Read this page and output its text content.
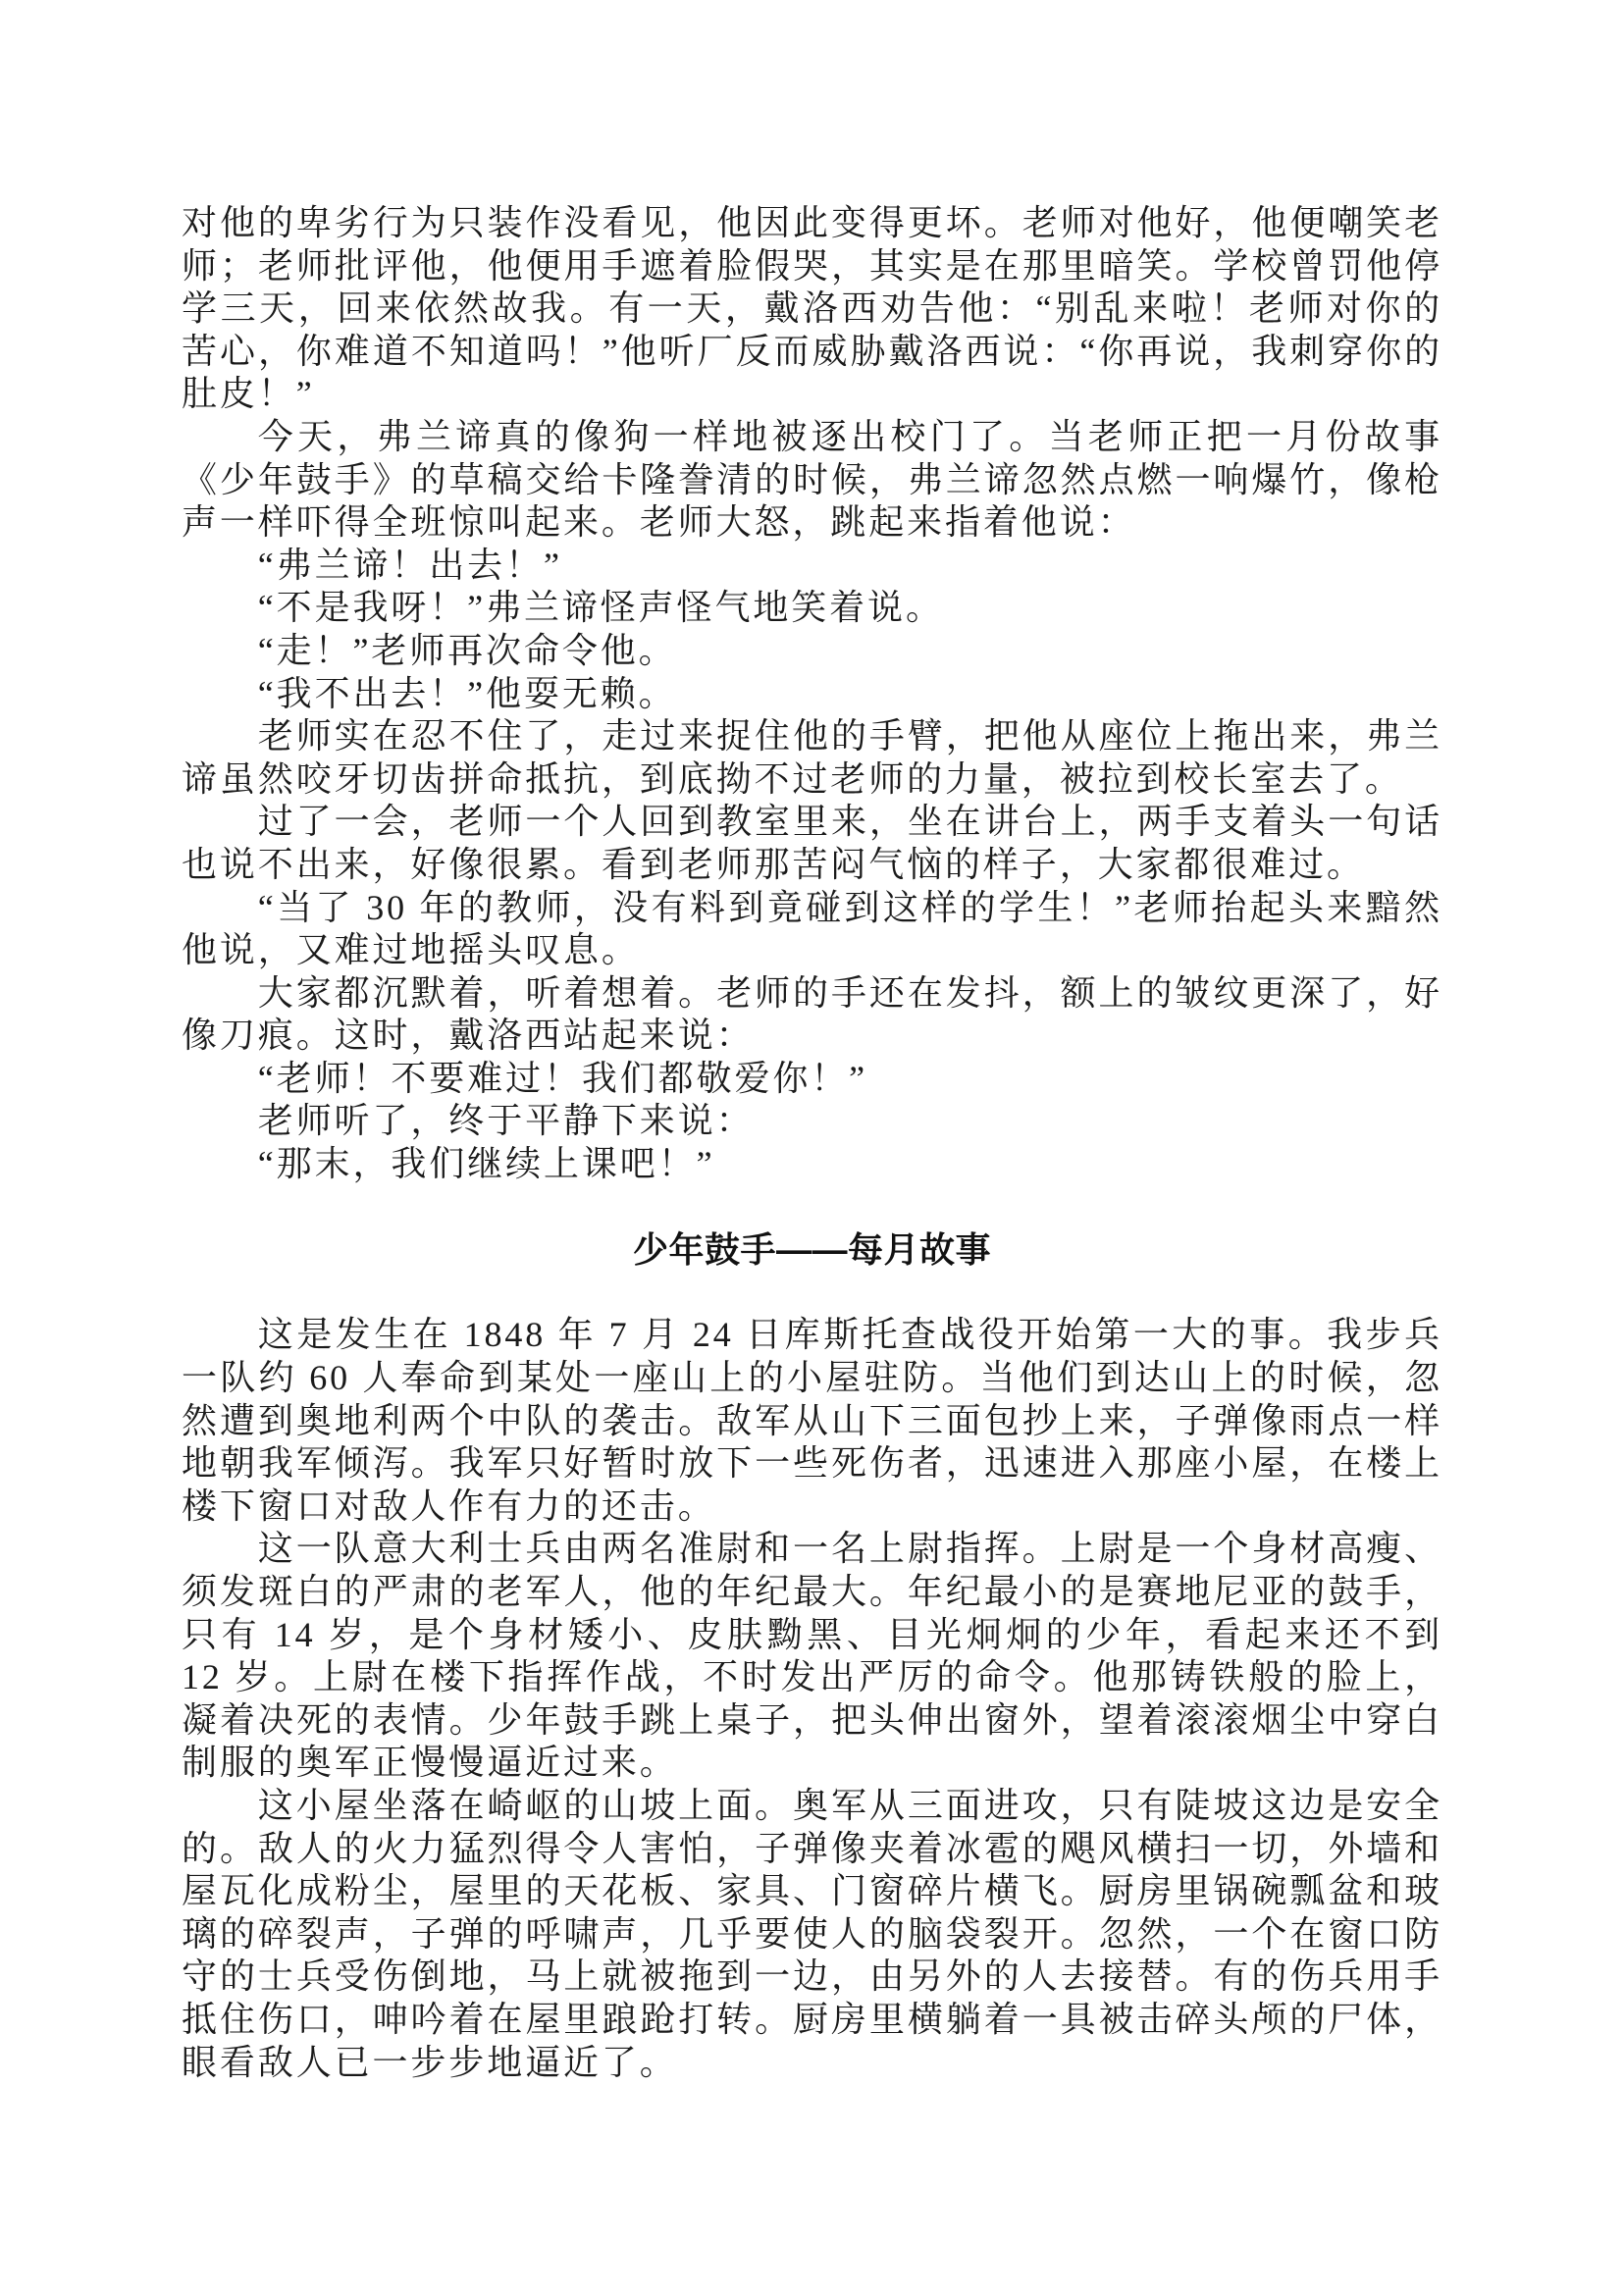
对他的卑劣行为只装作没看见，他因此变得更坏。老师对他好，他便嘲笑老师；老师批评他，他便用手遮着脸假哭，其实是在那里暗笑。学校曾罚他停学三天，回来依然故我。有一天，戴洛西劝告他：“别乱来啦！老师对你的苦心，你难道不知道吗！”他听厂反而威胁戴洛西说：“你再说，我刺穿你的肚皮！”

今天，弗兰谛真的像狗一样地被逐出校门了。当老师正把一月份故事《少年鼓手》的草稿交给卡隆誊清的时候，弗兰谛忽然点燃一响爆竹，像枪声一样吓得全班惊叫起来。老师大怒，跳起来指着他说：

“弗兰谛！出去！”

“不是我呀！”弗兰谛怪声怪气地笑着说。

“走！”老师再次命令他。

“我不出去！”他耍无赖。

老师实在忍不住了，走过来捉住他的手臂，把他从座位上拖出来，弗兰谛虽然咬牙切齿拼命抵抗，到底拗不过老师的力量，被拉到校长室去了。

过了一会，老师一个人回到教室里来，坐在讲台上，两手支着头一句话也说不出来，好像很累。看到老师那苦闷气恼的样子，大家都很难过。

“当了 30 年的教师，没有料到竟碰到这样的学生！”老师抬起头来黯然他说，又难过地摇头叹息。

大家都沉默着，听着想着。老师的手还在发抖，额上的皱纹更深了，好像刀痕。这时，戴洛西站起来说：

“老师！不要难过！我们都敬爱你！”

老师听了，终于平静下来说：

“那末，我们继续上课吧！”

少年鼓手——每月故事

这是发生在 1848 年 7 月 24 日库斯托查战役开始第一大的事。我步兵一队约 60 人奉命到某处一座山上的小屋驻防。当他们到达山上的时候，忽然遭到奥地利两个中队的袭击。敌军从山下三面包抄上来，子弹像雨点一样地朝我军倾泻。我军只好暂时放下一些死伤者，迅速进入那座小屋，在楼上楼下窗口对敌人作有力的还击。

这一队意大利士兵由两名准尉和一名上尉指挥。上尉是一个身材高瘦、须发斑白的严肃的老军人，他的年纪最大。年纪最小的是赛地尼亚的鼓手，只有 14 岁，是个身材矮小、皮肤黝黑、目光炯炯的少年，看起来还不到 12 岁。上尉在楼下指挥作战，不时发出严厉的命令。他那铸铁般的脸上，凝着决死的表情。少年鼓手跳上桌子，把头伸出窗外，望着滚滚烟尘中穿白制服的奥军正慢慢逼近过来。

这小屋坐落在崎岖的山坡上面。奥军从三面进攻，只有陡坡这边是安全的。敌人的火力猛烈得令人害怕，子弹像夹着冰雹的飓风横扫一切，外墙和屋瓦化成粉尘，屋里的天花板、家具、门窗碎片横飞。厨房里锅碗瓢盆和玻璃的碎裂声，子弹的呼啸声，几乎要使人的脑袋裂开。忽然，一个在窗口防守的士兵受伤倒地，马上就被拖到一边，由另外的人去接替。有的伤兵用手抵住伤口，呻吟着在屋里踉跄打转。厨房里横躺着一具被击碎头颅的尸体，眼看敌人已一步步地逼近了。
